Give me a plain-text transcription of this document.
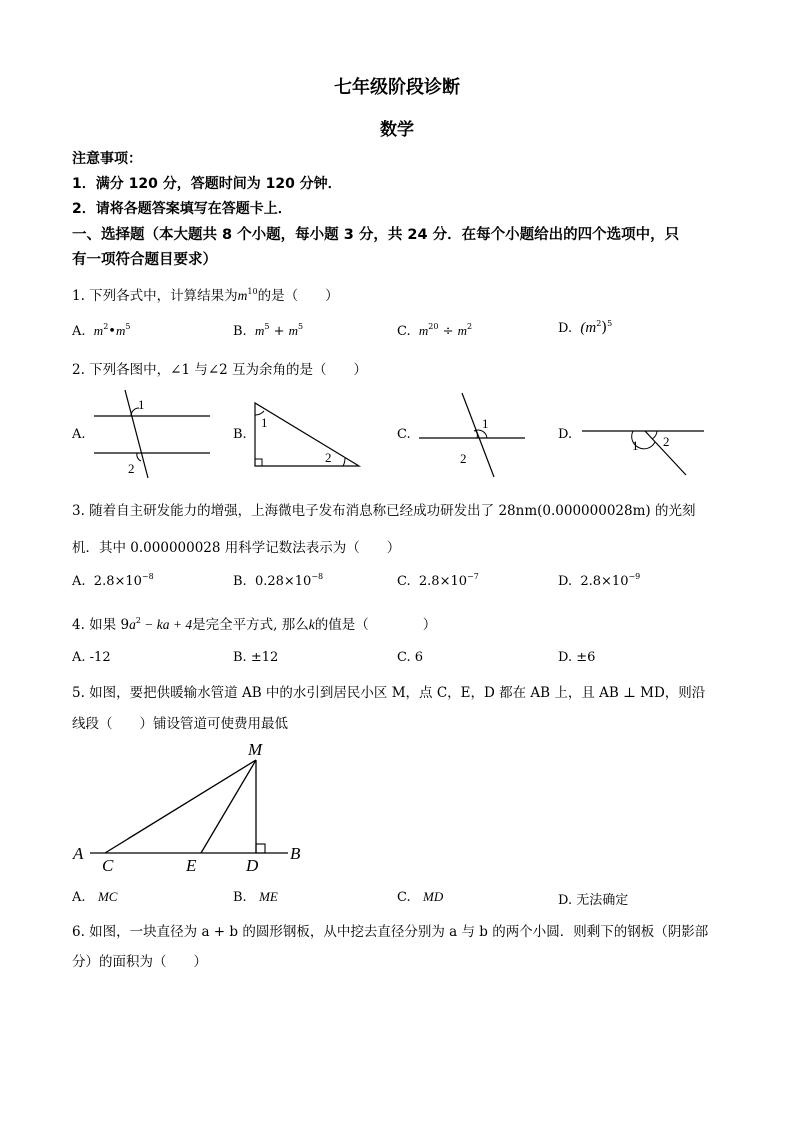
七年级阶段诊断
数学
注意事项：
1．满分 120 分，答题时间为 120 分钟．
2．请将各题答案填写在答题卡上．
一、选择题（本大题共 8 个小题，每小题 3 分，共 24 分．在每个小题给出的四个选项中，只
有一项符合题目要求）
1. 下列各式中，计算结果为$m^{10}$的是（　　）
A. $m^2•m^5$	B. $m^5 + m^5$	C. $m^{20} \div m^2$	D. $(m^2)^5$
2. 下列各图中，∠1 与∠2 互为余角的是（　　）
A.
1
2
B.
1
2
C.
1
2
D.
1 2
3. 随着自主研发能力的增强，上海微电子发布消息称已经成功研发出了 28nm(0.000000028m) 的光刻
机．其中 0.000000028 用科学记数法表示为（　　）
A. $2.8\times 10^{-8}$	B. $0.28\times 10^{-8}$	C. $2.8\times 10^{-7}$	D. $2.8\times 10^{-9}$
4. 如果 $9a^2$ − ka + 4是完全平方式, 那么k的值是（　　　　）
A. -12	B. ±12	C. 6	D. ±6
5. 如图，要把供暖输水管道 AB 中的水引到居民小区 M，点 C，E，D 都在 AB 上，且 AB ⊥ MD，则沿
线段（　　）铺设管道可使费用最低
M
A
C	E	D
B
A. MC	B. ME	C. MD	D. 无法确定
6. 如图，一块直径为 a + b 的圆形钢板，从中挖去直径分别为 a 与 b 的两个小圆．则剩下的钢板（阴影部
分）的面积为（　　）
